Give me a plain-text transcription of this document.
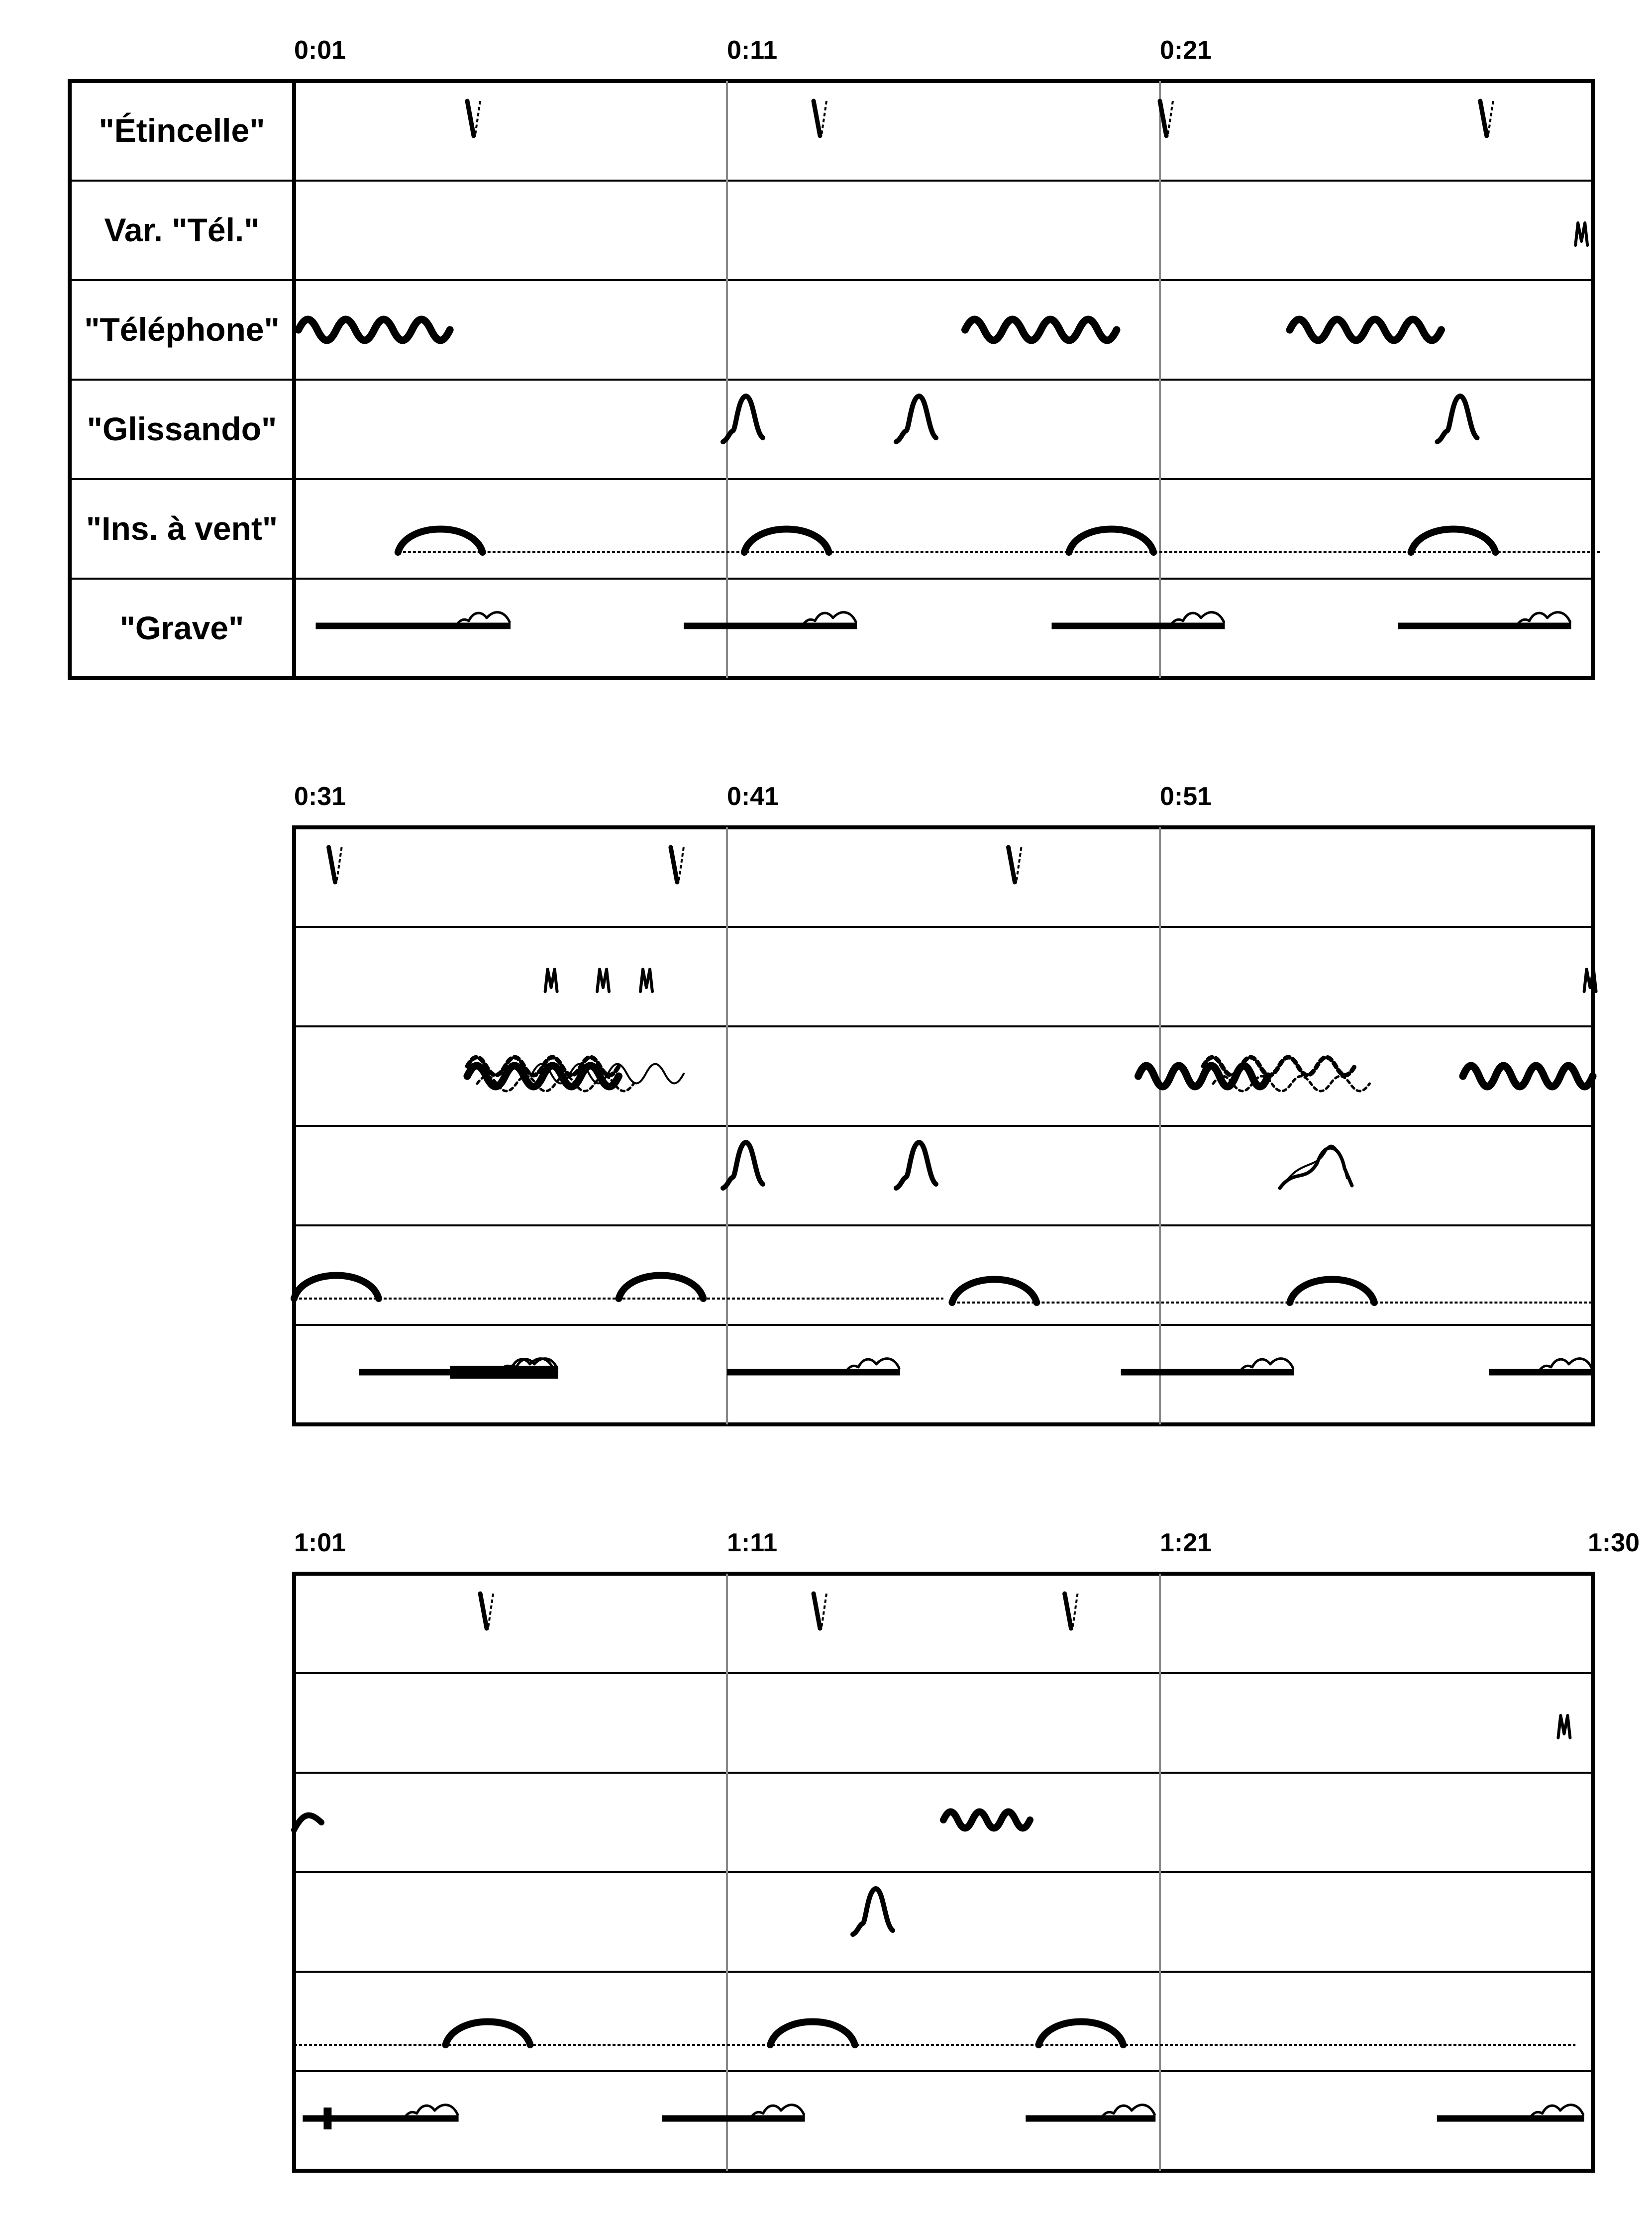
0:01	0:11	0:21
"Étincelle"
Var. "Tél."
"Téléphone"
"Glissando"
"Ins. à vent"
"Grave"
0:31	0:41	0:51
1:01	1:11	1:21	1:30
